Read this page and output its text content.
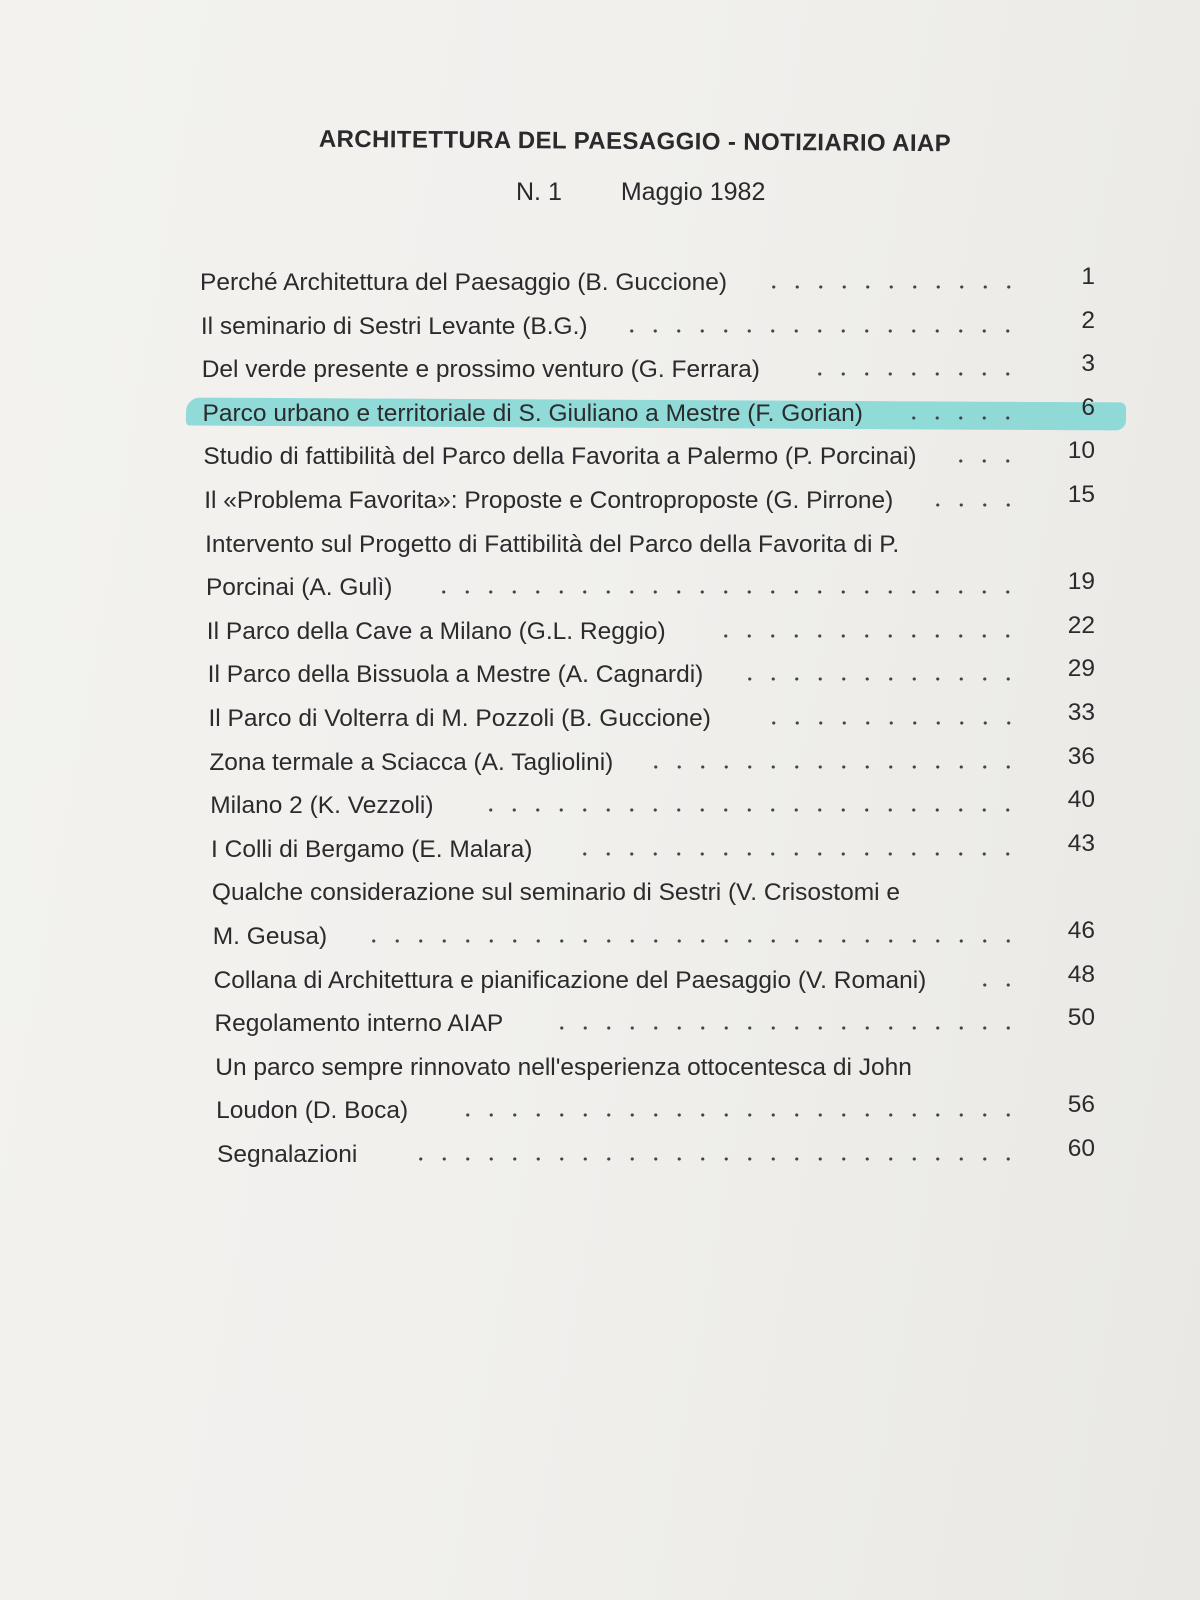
ARCHITETTURA DEL PAESAGGIO - NOTIZIARIO AIAP
N. 1 Maggio 1982
Perché Architettura del Paesaggio (B. Guccione)	1
Il seminario di Sestri Levante (B.G.)	2
Del verde presente e prossimo venturo (G. Ferrara)	3
Parco urbano e territoriale di S. Giuliano a Mestre (F. Gorian)	6
Studio di fattibilità del Parco della Favorita a Palermo (P. Porcinai)	10
Il «Problema Favorita»: Proposte e Controproposte (G. Pirrone)	15
Intervento sul Progetto di Fattibilità del Parco della Favorita di P.
Porcinai (A. Gulì)	19
Il Parco della Cave a Milano (G.L. Reggio)	22
Il Parco della Bissuola a Mestre (A. Cagnardi)	29
Il Parco di Volterra di M. Pozzoli (B. Guccione)	33
Zona termale a Sciacca (A. Tagliolini)	36
Milano 2 (K. Vezzoli)	40
I Colli di Bergamo (E. Malara)	43
Qualche considerazione sul seminario di Sestri (V. Crisostomi e
M. Geusa)	46
Collana di Architettura e pianificazione del Paesaggio (V. Romani)	48
Regolamento interno AIAP	50
Un parco sempre rinnovato nell'esperienza ottocentesca di John
Loudon (D. Boca)	56
Segnalazioni	60
